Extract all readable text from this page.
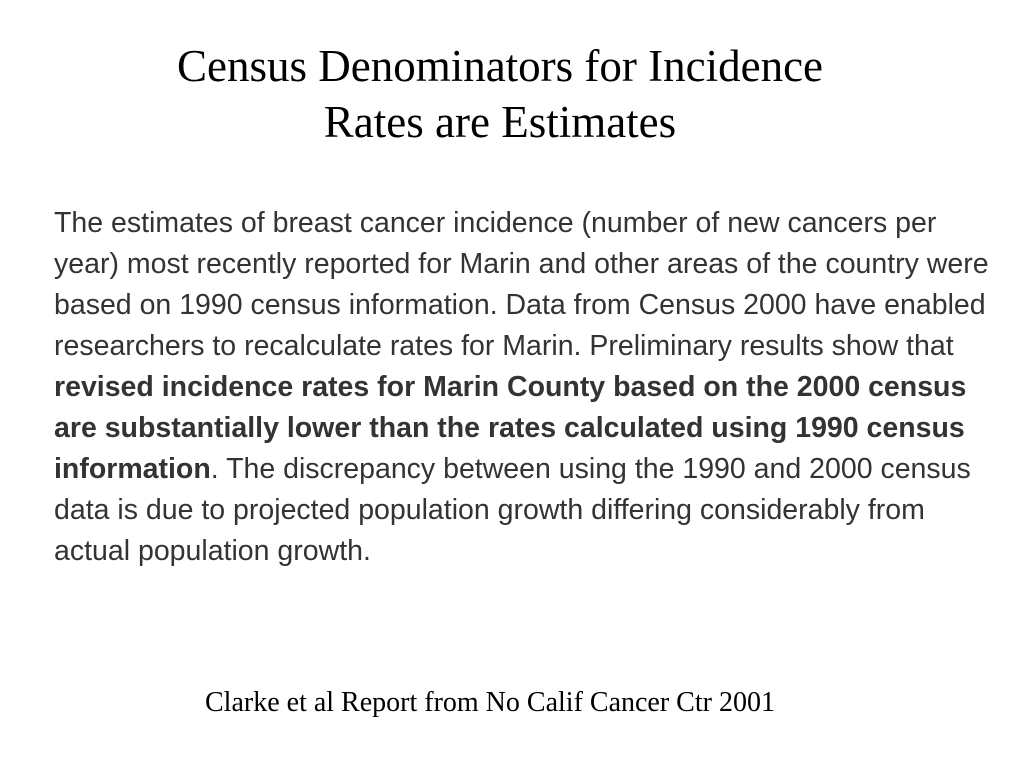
Census Denominators for Incidence
Rates are Estimates

The estimates of breast cancer incidence (number of new cancers per year) most recently reported for Marin and other areas of the country were based on 1990 census information. Data from Census 2000 have enabled researchers to recalculate rates for Marin. Preliminary results show that revised incidence rates for Marin County based on the 2000 census are substantially lower than the rates calculated using 1990 census information. The discrepancy between using the 1990 and 2000 census data is due to projected population growth differing considerably from actual population growth.

Clarke et al Report from No Calif Cancer Ctr 2001
